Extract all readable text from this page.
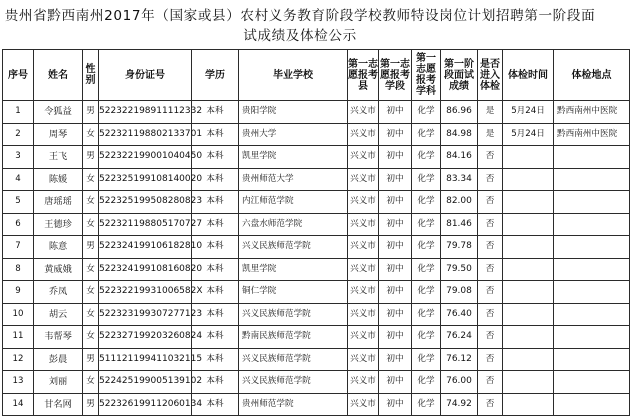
贵州省黔西南州2017年（国家或县）农村义务教育阶段学校教师特设岗位计划招聘第一阶段面
试成绩及体检公示
序号	姓名	性别	身份证号	学历	毕业学校	第一志愿报考县	第一志愿报考学段	第一志愿报考学科	第一阶段面试成绩	是否进入体检	体检时间	体检地点
1	令狐益	男	522322198911112332	本科	贵阳学院	兴义市	初中	化学	86.96	是	5月24日	黔西南州中医院
2	周琴	女	522321198802133701	本科	贵州大学	兴义市	初中	化学	84.98	是	5月24日	黔西南州中医院
3	王飞	男	522322199001040450	本科	凯里学院	兴义市	初中	化学	84.16	否		
4	陈媛	女	522325199108140020	本科	贵州师范大学	兴义市	初中	化学	83.34	否		
5	唐瑶瑶	女	522325199508280823	本科	内江师范学院	兴义市	初中	化学	82.00	否		
6	王德珍	女	522321198805170727	本科	六盘水师范学院	兴义市	初中	化学	81.46	否		
7	陈意	男	522324199106182810	本科	兴义民族师范学院	兴义市	初中	化学	79.78	否		
8	黄威娥	女	522324199108160820	本科	凯里学院	兴义市	初中	化学	79.50	否		
9	乔凤	女	52232219931006582X	本科	铜仁学院	兴义市	初中	化学	79.08	否		
10	胡云	女	522323199307277123	本科	兴义民族师范学院	兴义市	初中	化学	76.40	否		
11	韦帮琴	女	522327199203260824	本科	黔南民族师范学院	兴义市	初中	化学	76.24	否		
12	彭晨	男	511121199411032115	本科	兴义民族师范学院	兴义市	初中	化学	76.12	否		
13	刘丽	女	522425199005139102	本科	兴义民族师范学院	兴义市	初中	化学	76.00	否		
14	甘名网	男	522326199112060134	本科	贵州师范学院	兴义市	初中	化学	74.92	否		
